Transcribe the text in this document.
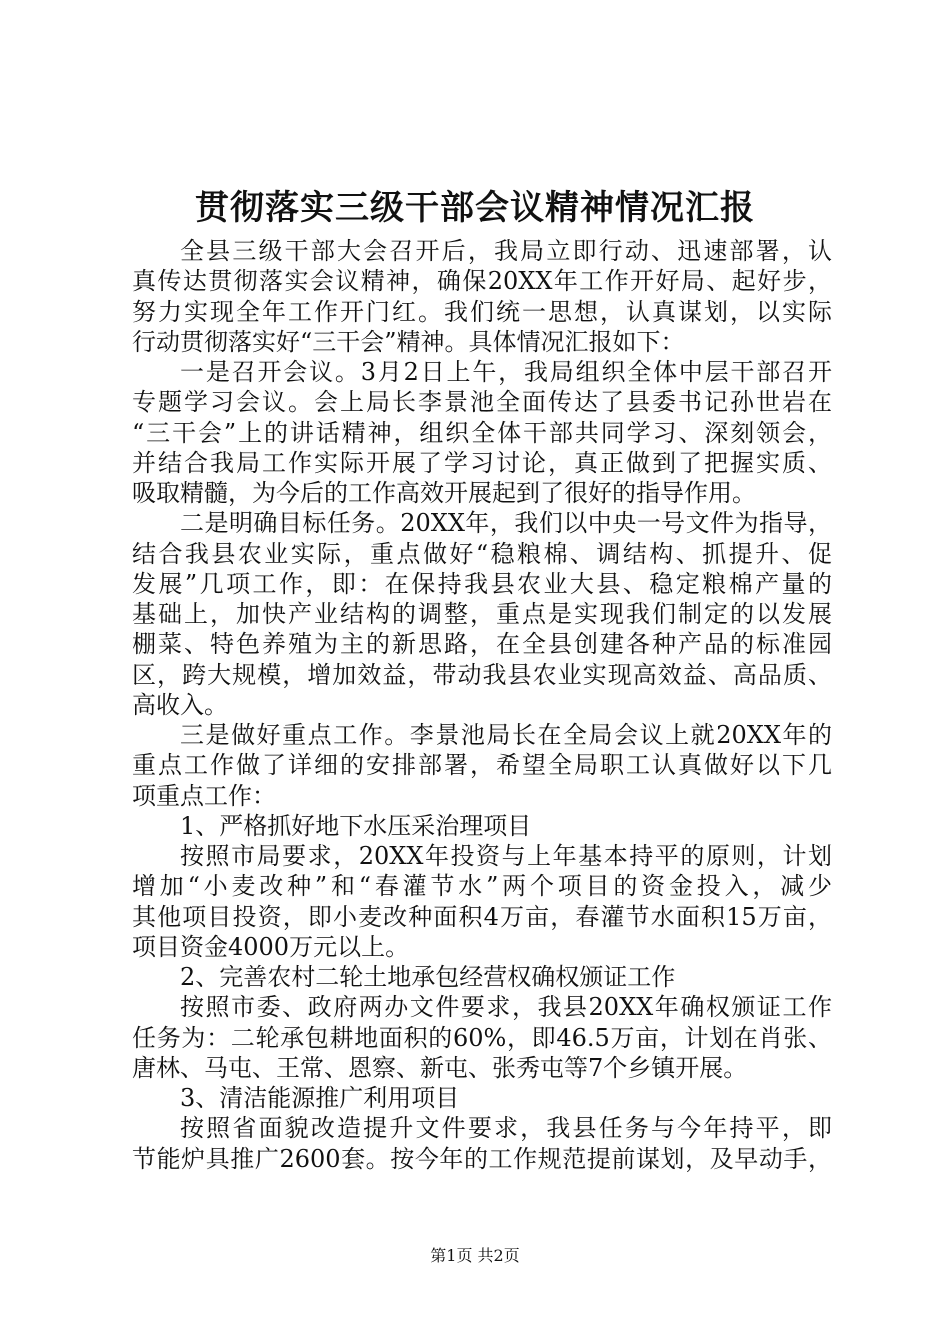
贯彻落实三级干部会议精神情况汇报
全县三级干部大会召开后，我局立即行动、迅速部署，认
真传达贯彻落实会议精神，确保20XX年工作开好局、起好步，
努力实现全年工作开门红。我们统一思想，认真谋划，以实际
行动贯彻落实好“三干会”精神。具体情况汇报如下：
一是召开会议。3月2日上午，我局组织全体中层干部召开
专题学习会议。会上局长李景池全面传达了县委书记孙世岩在
“三干会”上的讲话精神，组织全体干部共同学习、深刻领会，
并结合我局工作实际开展了学习讨论，真正做到了把握实质、
吸取精髓，为今后的工作高效开展起到了很好的指导作用。
二是明确目标任务。20XX年，我们以中央一号文件为指导，
结合我县农业实际，重点做好“稳粮棉、调结构、抓提升、促
发展”几项工作，即：在保持我县农业大县、稳定粮棉产量的
基础上，加快产业结构的调整，重点是实现我们制定的以发展
棚菜、特色养殖为主的新思路，在全县创建各种产品的标准园
区，跨大规模，增加效益，带动我县农业实现高效益、高品质、
高收入。
三是做好重点工作。李景池局长在全局会议上就20XX年的
重点工作做了详细的安排部署，希望全局职工认真做好以下几
项重点工作：
1、严格抓好地下水压采治理项目
按照市局要求，20XX年投资与上年基本持平的原则，计划
增加“小麦改种”和“春灌节水”两个项目的资金投入，减少
其他项目投资，即小麦改种面积4万亩，春灌节水面积15万亩，
项目资金4000万元以上。
2、完善农村二轮土地承包经营权确权颁证工作
按照市委、政府两办文件要求，我县20XX年确权颁证工作
任务为：二轮承包耕地面积的60%，即46.5万亩，计划在肖张、
唐林、马屯、王常、恩察、新屯、张秀屯等7个乡镇开展。
3、清洁能源推广利用项目
按照省面貌改造提升文件要求，我县任务与今年持平，即
节能炉具推广2600套。按今年的工作规范提前谋划，及早动手，
第1页 共2页
